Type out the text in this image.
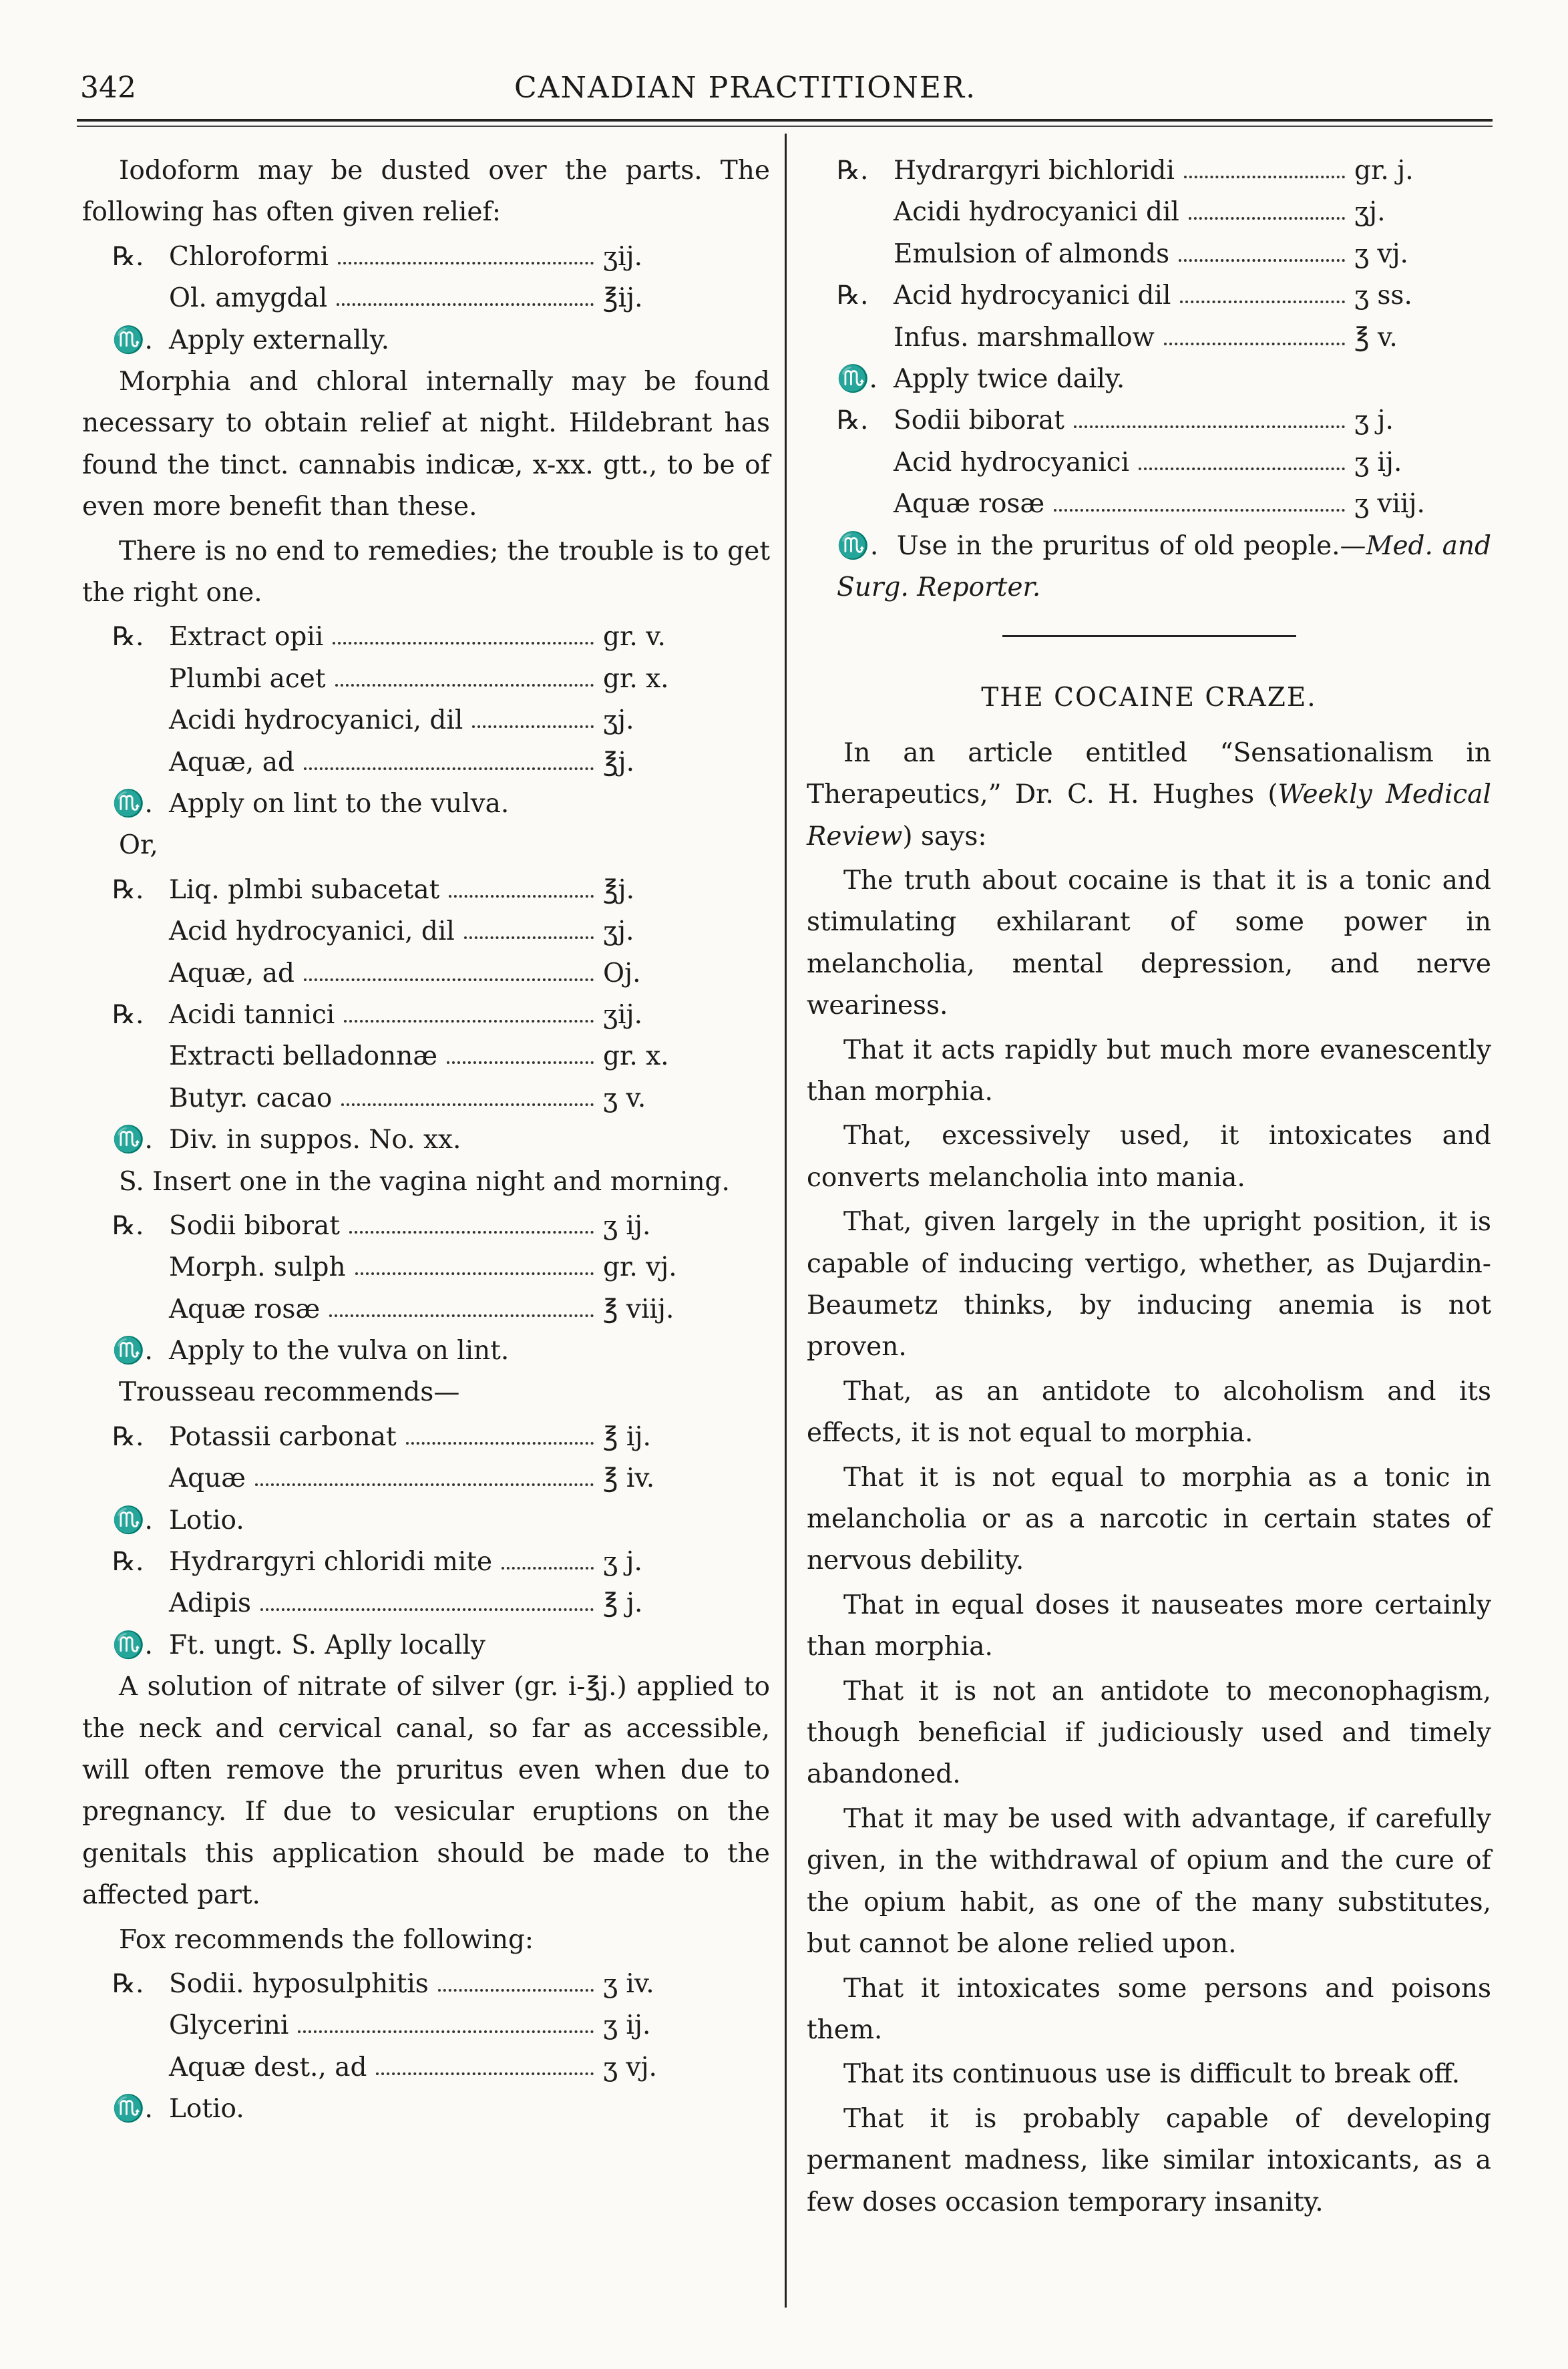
342	CANADIAN PRACTITIONER.

Iodoform may be dusted over the parts. The following has often given relief:

℞. Chloroformi	ʒij.
Ol. amygdal	℥ij.
♏. Apply externally.

Morphia and chloral internally may be found necessary to obtain relief at night. Hildebrant has found the tinct. cannabis indicæ, x-xx. gtt., to be of even more benefit than these.

There is no end to remedies; the trouble is to get the right one.

℞. Extract opii	gr. v.
Plumbi acet	gr. x.
Acidi hydrocyanici, dil	ʒj.
Aquæ, ad	℥j.
♏. Apply on lint to the vulva.

Or,

℞. Liq. plmbi subacetat	℥j.
Acid hydrocyanici, dil	ʒj.
Aquæ, ad	Oj.
℞. Acidi tannici	ʒij.
Extracti belladonnæ	gr. x.
Butyr. cacao	ʒ v.
♏. Div. in suppos. No. xx.

S. Insert one in the vagina night and morning.

℞. Sodii biborat	ʒ ij.
Morph. sulph	gr. vj.
Aquæ rosæ	℥ viij.
♏. Apply to the vulva on lint.

Trousseau recommends—

℞. Potassii carbonat	℥ ij.
Aquæ	℥ iv.
♏. Lotio.
℞. Hydrargyri chloridi mite	ʒ j.
Adipis	℥ j.
♏. Ft. ungt. S. Aplly locally

A solution of nitrate of silver (gr. i-℥j.) applied to the neck and cervical canal, so far as accessible, will often remove the pruritus even when due to pregnancy. If due to vesicular eruptions on the genitals this application should be made to the affected part.

Fox recommends the following:

℞. Sodii. hyposulphitis	ʒ iv.
Glycerini	ʒ ij.
Aquæ dest., ad	ʒ vj.
♏. Lotio.
℞. Hydrargyri bichloridi	gr. j.
Acidi hydrocyanici dil	ʒj.
Emulsion of almonds	ʒ vj.
℞. Acid hydrocyanici dil	ʒ ss.
Infus. marshmallow	℥ v.
♏. Apply twice daily.
℞. Sodii biborat	ʒ j.
Acid hydrocyanici	ʒ ij.
Aquæ rosæ	ʒ viij.

♏. Use in the pruritus of old people.—Med. and Surg. Reporter.

THE COCAINE CRAZE.

In an article entitled “Sensationalism in Therapeutics,” Dr. C. H. Hughes (Weekly Medical Review) says:

The truth about cocaine is that it is a tonic and stimulating exhilarant of some power in melancholia, mental depression, and nerve weariness.

That it acts rapidly but much more evanescently than morphia.

That, excessively used, it intoxicates and converts melancholia into mania.

That, given largely in the upright position, it is capable of inducing vertigo, whether, as Dujardin-Beaumetz thinks, by inducing anemia is not proven.

That, as an antidote to alcoholism and its effects, it is not equal to morphia.

That it is not equal to morphia as a tonic in melancholia or as a narcotic in certain states of nervous debility.

That in equal doses it nauseates more certainly than morphia.

That it is not an antidote to meconophagism, though beneficial if judiciously used and timely abandoned.

That it may be used with advantage, if carefully given, in the withdrawal of opium and the cure of the opium habit, as one of the many substitutes, but cannot be alone relied upon.

That it intoxicates some persons and poisons them.

That its continuous use is difficult to break off.

That it is probably capable of developing permanent madness, like similar intoxicants, as a few doses occasion temporary insanity.
